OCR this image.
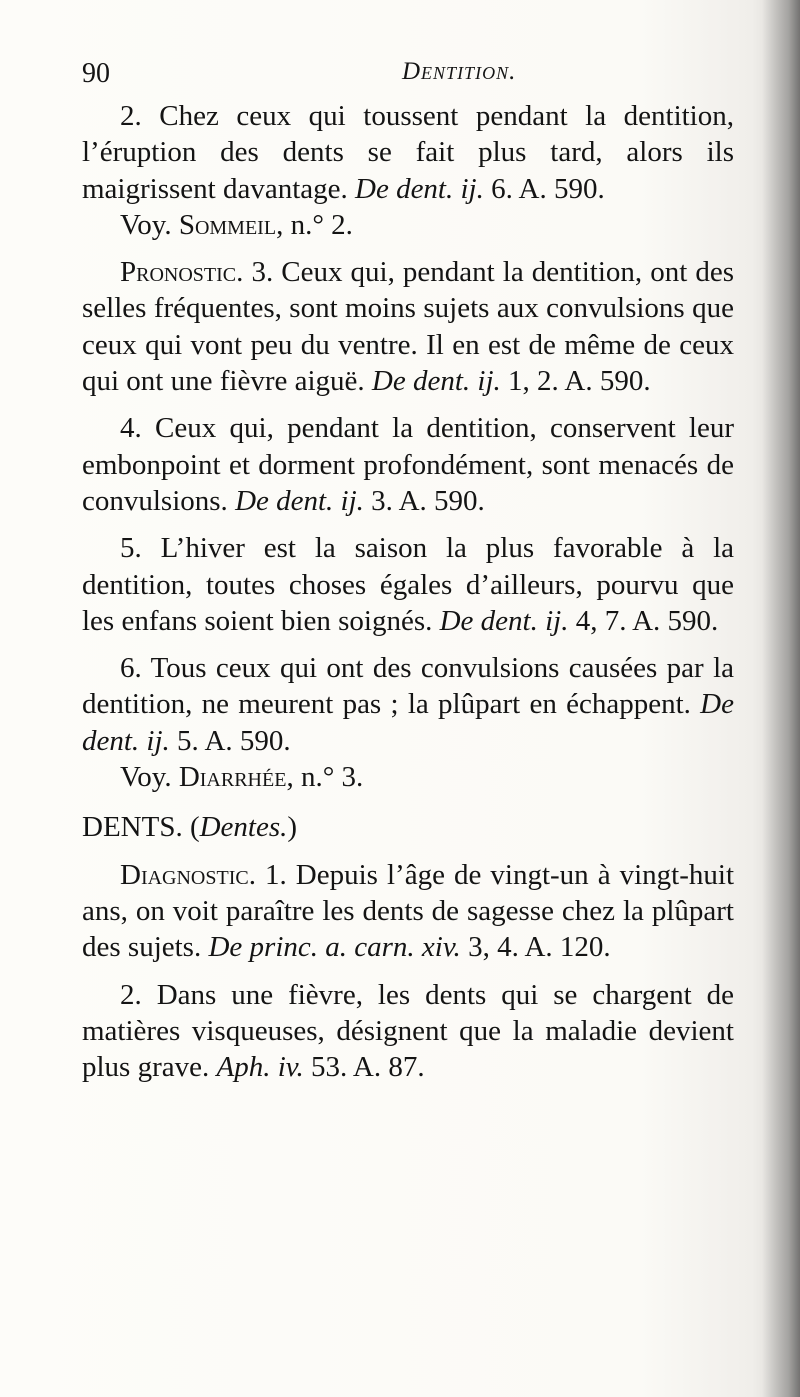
90	Dentition.

2. Chez ceux qui toussent pendant la dentition, l’éruption des dents se fait plus tard, alors ils maigrissent davantage. De dent. ij. 6. A. 590.

Voy. Sommeil, n.° 2.

Pronostic. 3. Ceux qui, pendant la dentition, ont des selles fréquentes, sont moins sujets aux convulsions que ceux qui vont peu du ventre. Il en est de même de ceux qui ont une fièvre aiguë. De dent. ij. 1, 2. A. 590.

4. Ceux qui, pendant la dentition, conservent leur embonpoint et dorment profondément, sont menacés de convulsions. De dent. ij. 3. A. 590.

5. L’hiver est la saison la plus favorable à la dentition, toutes choses égales d’ailleurs, pourvu que les enfans soient bien soignés. De dent. ij. 4, 7. A. 590.

6. Tous ceux qui ont des convulsions causées par la dentition, ne meurent pas ; la plûpart en échappent. De dent. ij. 5. A. 590.

Voy. Diarrhée, n.° 3.

DENTS. (Dentes.)

Diagnostic. 1. Depuis l’âge de vingt-un à vingt-huit ans, on voit paraître les dents de sagesse chez la plûpart des sujets. De princ. a. carn. xiv. 3, 4. A. 120.

2. Dans une fièvre, les dents qui se chargent de matières visqueuses, désignent que la maladie devient plus grave. Aph. iv. 53. A. 87.
